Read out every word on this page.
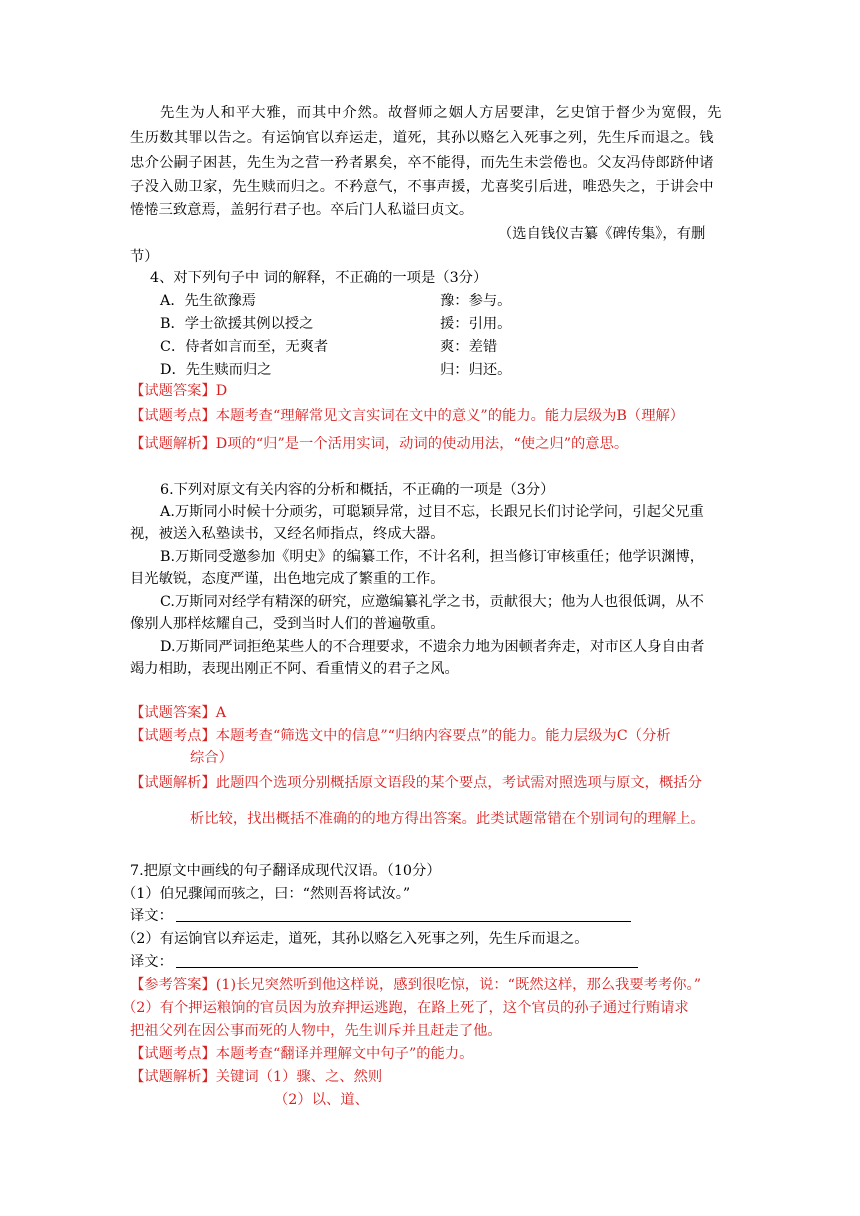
先生为人和平大雅，而其中介然。故督师之姻人方居要津，乞史馆于督少为宽假，先
生历数其罪以告之。有运饷官以弃运走，道死，其孙以赂乞入死事之列，先生斥而退之。钱
忠介公嗣子困甚，先生为之营一矜者累矣，卒不能得，而先生未尝倦也。父友冯侍郎跻仲诸
子没入勋卫家，先生赎而归之。不矜意气，不事声援，尤喜奖引后进，唯恐失之，于讲会中
惓惓三致意焉，盖躬行君子也。卒后门人私谥曰贞文。
（选自钱仪吉纂《碑传集》，有删
节）
4、对下列句子中 词的解释，不正确的一项是（3分）
A．先生欲豫焉	豫：参与。
B．学士欲援其例以授之	援：引用。
C．侍者如言而至，无爽者	爽：差错
D．先生赎而归之	归：归还。
【试题答案】D
【试题考点】本题考查“理解常见文言实词在文中的意义”的能力。能力层级为B（理解）
【试题解析】D项的“归”是一个活用实词，动词的使动用法，“使之归”的意思。
6.下列对原文有关内容的分析和概括，不正确的一项是（3分）
A.万斯同小时候十分顽劣，可聪颖异常，过目不忘，长跟兄长们讨论学问，引起父兄重
视，被送入私塾读书，又经名师指点，终成大器。
B.万斯同受邀参加《明史》的编纂工作，不计名利，担当修订审核重任；他学识渊博，
目光敏锐，态度严谨，出色地完成了繁重的工作。
C.万斯同对经学有精深的研究，应邀编纂礼学之书，贡献很大；他为人也很低调，从不
像别人那样炫耀自己，受到当时人们的普遍敬重。
D.万斯同严词拒绝某些人的不合理要求，不遗余力地为困顿者奔走，对市区人身自由者
竭力相助，表现出刚正不阿、看重情义的君子之风。
【试题答案】A
【试题考点】本题考查“筛选文中的信息”“归纳内容要点”的能力。能力层级为C（分析
综合）
【试题解析】此题四个选项分别概括原文语段的某个要点，考试需对照选项与原文，概括分
析比较，找出概括不准确的的地方得出答案。此类试题常错在个别词句的理解上。
7.把原文中画线的句子翻译成现代汉语。（10分）
（1）伯兄骤闻而骇之，曰：“然则吾将试汝。”
译文：
（2）有运饷官以弃运走，道死，其孙以赂乞入死事之列，先生斥而退之。
译文：
【参考答案】(1)长兄突然听到他这样说，感到很吃惊，说：“既然这样，那么我要考考你。”
（2）有个押运粮饷的官员因为放弃押运逃跑，在路上死了，这个官员的孙子通过行贿请求
把祖父列在因公事而死的人物中，先生训斥并且赶走了他。
【试题考点】本题考查“翻译并理解文中句子”的能力。
【试题解析】关键词（1）骤、之、然则
（2）以、道、
